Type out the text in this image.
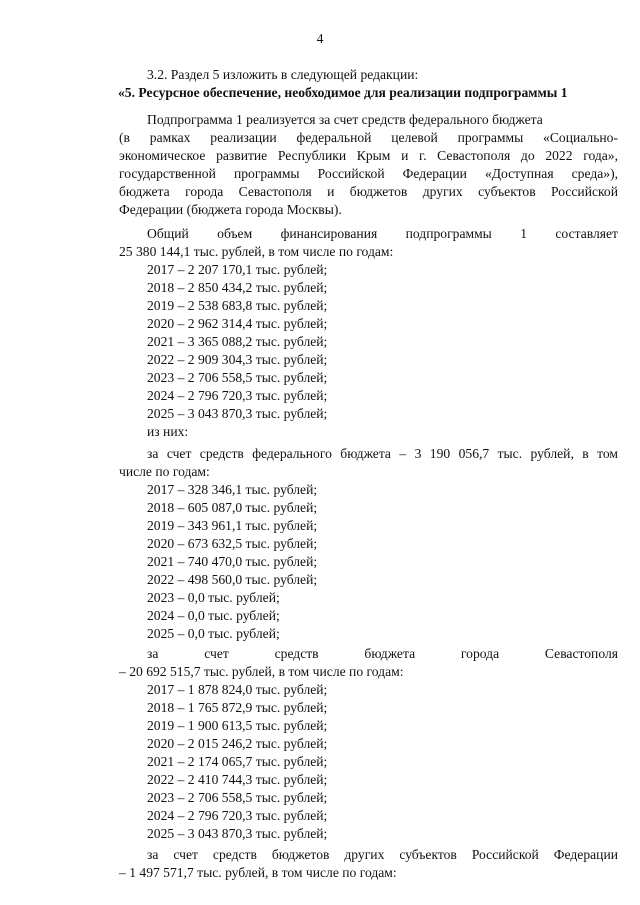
4
3.2. Раздел 5 изложить в следующей редакции:
«5. Ресурсное обеспечение, необходимое для реализации подпрограммы 1
Подпрограмма 1 реализуется за счет средств федерального бюджета
(в рамках реализации федеральной целевой программы «Социально-
экономическое развитие Республики Крым и г. Севастополя до 2022 года»,
государственной программы Российской Федерации «Доступная среда»),
бюджета города Севастополя и бюджетов других субъектов Российской
Федерации (бюджета города Москвы).
Общий объем финансирования подпрограммы 1 составляет
25 380 144,1 тыс. рублей, в том числе по годам:
2017 – 2 207 170,1 тыс. рублей;
2018 – 2 850 434,2 тыс. рублей;
2019 – 2 538 683,8 тыс. рублей;
2020 – 2 962 314,4 тыс. рублей;
2021 – 3 365 088,2 тыс. рублей;
2022 – 2 909 304,3 тыс. рублей;
2023 – 2 706 558,5 тыс. рублей;
2024 – 2 796 720,3 тыс. рублей;
2025 – 3 043 870,3 тыс. рублей;
из них:
за счет средств федерального бюджета – 3 190 056,7 тыс. рублей, в том
числе по годам:
2017 – 328 346,1 тыс. рублей;
2018 – 605 087,0 тыс. рублей;
2019 – 343 961,1 тыс. рублей;
2020 – 673 632,5 тыс. рублей;
2021 – 740 470,0 тыс. рублей;
2022 – 498 560,0 тыс. рублей;
2023 – 0,0 тыс. рублей;
2024 – 0,0 тыс. рублей;
2025 – 0,0 тыс. рублей;
за счет средств бюджета города Севастополя
– 20 692 515,7 тыс. рублей, в том числе по годам:
2017 – 1 878 824,0 тыс. рублей;
2018 – 1 765 872,9 тыс. рублей;
2019 – 1 900 613,5 тыс. рублей;
2020 – 2 015 246,2 тыс. рублей;
2021 – 2 174 065,7 тыс. рублей;
2022 – 2 410 744,3 тыс. рублей;
2023 – 2 706 558,5 тыс. рублей;
2024 – 2 796 720,3 тыс. рублей;
2025 – 3 043 870,3 тыс. рублей;
за счет средств бюджетов других субъектов Российской Федерации
– 1 497 571,7 тыс. рублей, в том числе по годам:
